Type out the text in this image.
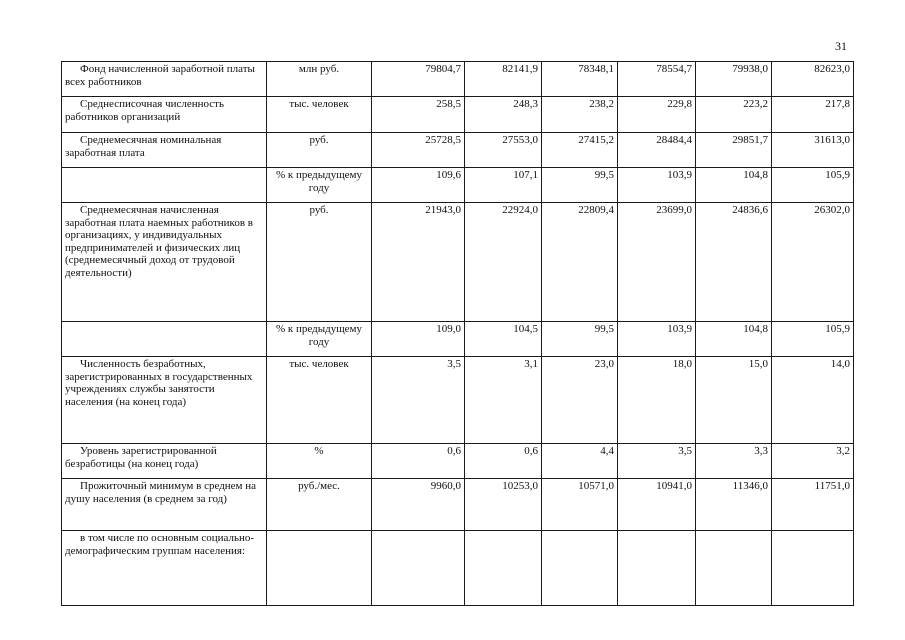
31
Фонд начисленной заработной платы всех работников	млн руб.	79804,7	82141,9	78348,1	78554,7	79938,0	82623,0

Среднесписочная численность работников организаций	тыс. человек	258,5	248,3	238,2	229,8	223,2	217,8

Среднемесячная номинальная заработная плата	руб.	25728,5	27553,0	27415,2	28484,4	29851,7	31613,0

	% к предыдущему году	109,6	107,1	99,5	103,9	104,8	105,9

Среднемесячная начисленная заработная плата наемных работников в организациях, у индивидуальных предпринимателей и физических лиц (среднемесячный доход от трудовой деятельности)	руб.	21943,0	22924,0	22809,4	23699,0	24836,6	26302,0

	% к предыдущему году	109,0	104,5	99,5	103,9	104,8	105,9

Численность безработных, зарегистрированных в государственных учреждениях службы занятости населения (на конец года)	тыс. человек	3,5	3,1	23,0	18,0	15,0	14,0

Уровень зарегистрированной безработицы (на конец года)	%	0,6	0,6	4,4	3,5	3,3	3,2

Прожиточный минимум в среднем на душу населения (в среднем за год)	руб./мес.	9960,0	10253,0	10571,0	10941,0	11346,0	11751,0

в том числе по основным социально-демографическим группам населения:							
